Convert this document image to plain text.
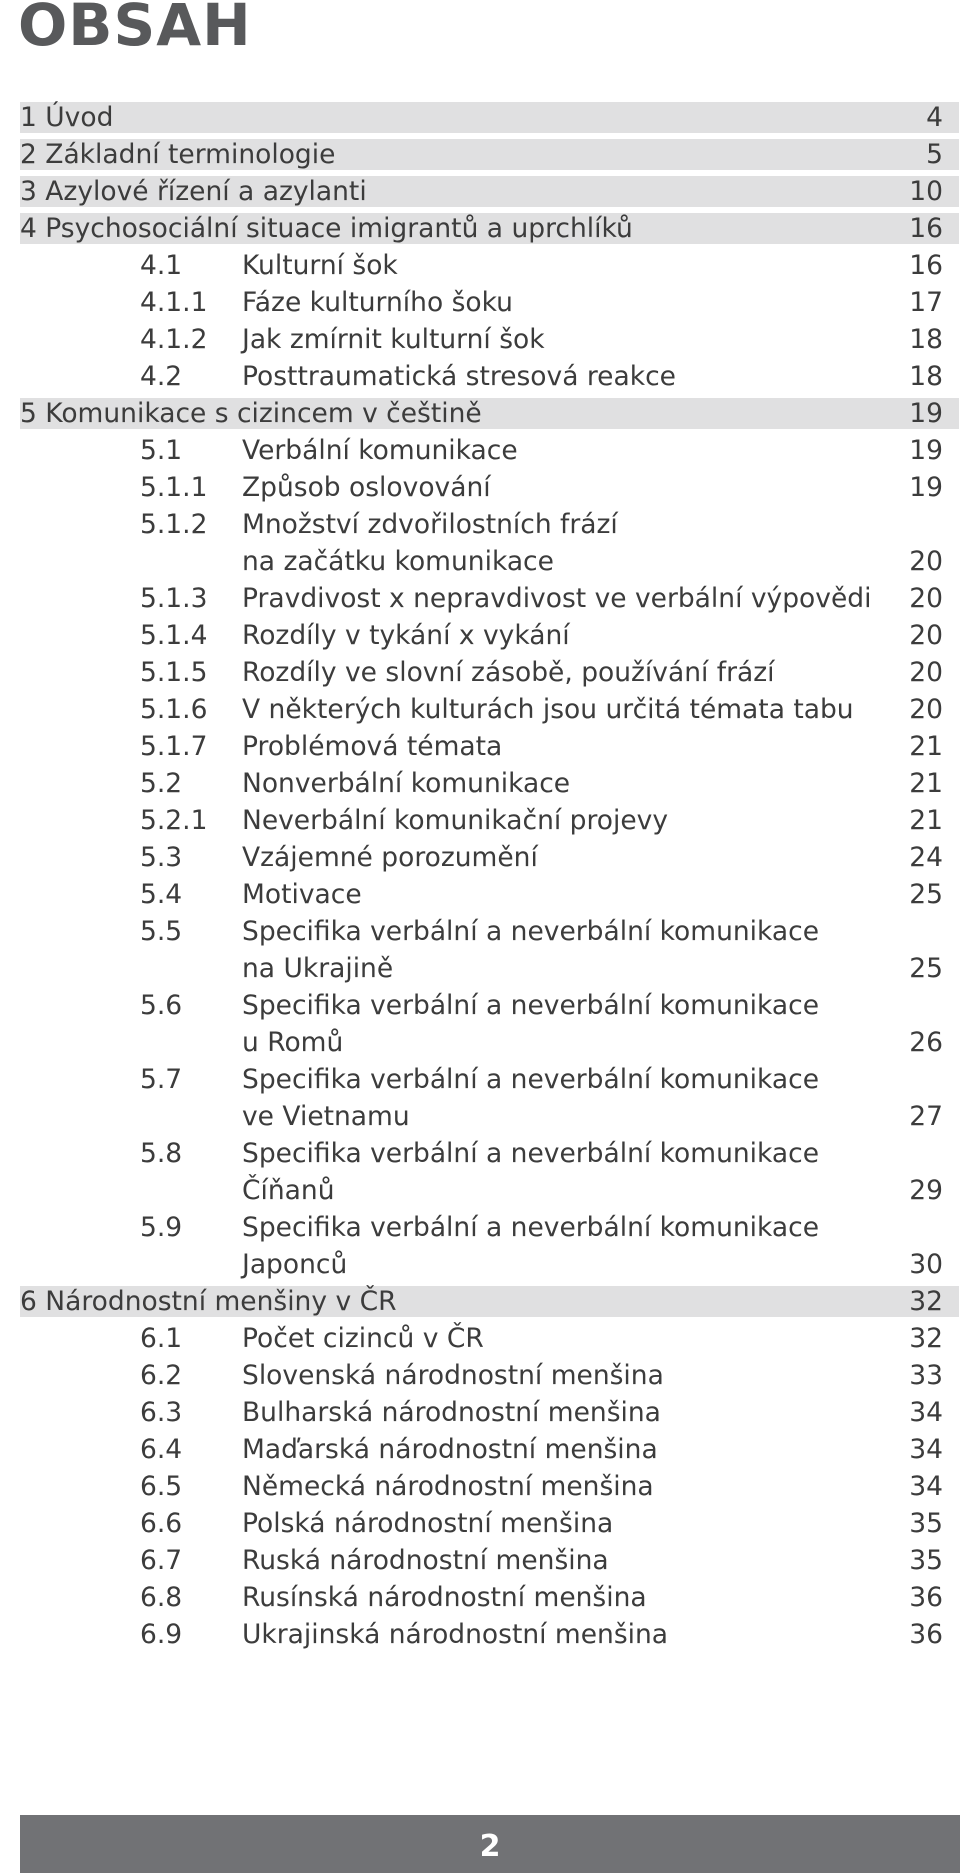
OBSAH
1 Úvod	4
2 Základní terminologie	5
3 Azylové řízení a azylanti	10
4 Psychosociální situace imigrantů a uprchlíků	16
4.1 Kulturní šok	16
4.1.1 Fáze kulturního šoku	17
4.1.2 Jak zmírnit kulturní šok	18
4.2 Posttraumatická stresová reakce	18
5 Komunikace s cizincem v češtině	19
5.1 Verbální komunikace	19
5.1.1 Způsob oslovování	19
5.1.2 Množství zdvořilostních frází
na začátku komunikace	20
5.1.3 Pravdivost x nepravdivost ve verbální výpovědi	20
5.1.4 Rozdíly v tykání x vykání	20
5.1.5 Rozdíly ve slovní zásobě, používání frází	20
5.1.6 V některých kulturách jsou určitá témata tabu	20
5.1.7 Problémová témata	21
5.2 Nonverbální komunikace	21
5.2.1 Neverbální komunikační projevy	21
5.3 Vzájemné porozumění	24
5.4 Motivace	25
5.5 Specifika verbální a neverbální komunikace
na Ukrajině	25
5.6 Specifika verbální a neverbální komunikace
u Romů	26
5.7 Specifika verbální a neverbální komunikace
ve Vietnamu	27
5.8 Specifika verbální a neverbální komunikace
Číňanů	29
5.9 Specifika verbální a neverbální komunikace
Japonců	30
6 Národnostní menšiny v ČR	32
6.1 Počet cizinců v ČR	32
6.2 Slovenská národnostní menšina	33
6.3 Bulharská národnostní menšina	34
6.4 Maďarská národnostní menšina	34
6.5 Německá národnostní menšina	34
6.6 Polská národnostní menšina	35
6.7 Ruská národnostní menšina	35
6.8 Rusínská národnostní menšina	36
6.9 Ukrajinská národnostní menšina	36
2
